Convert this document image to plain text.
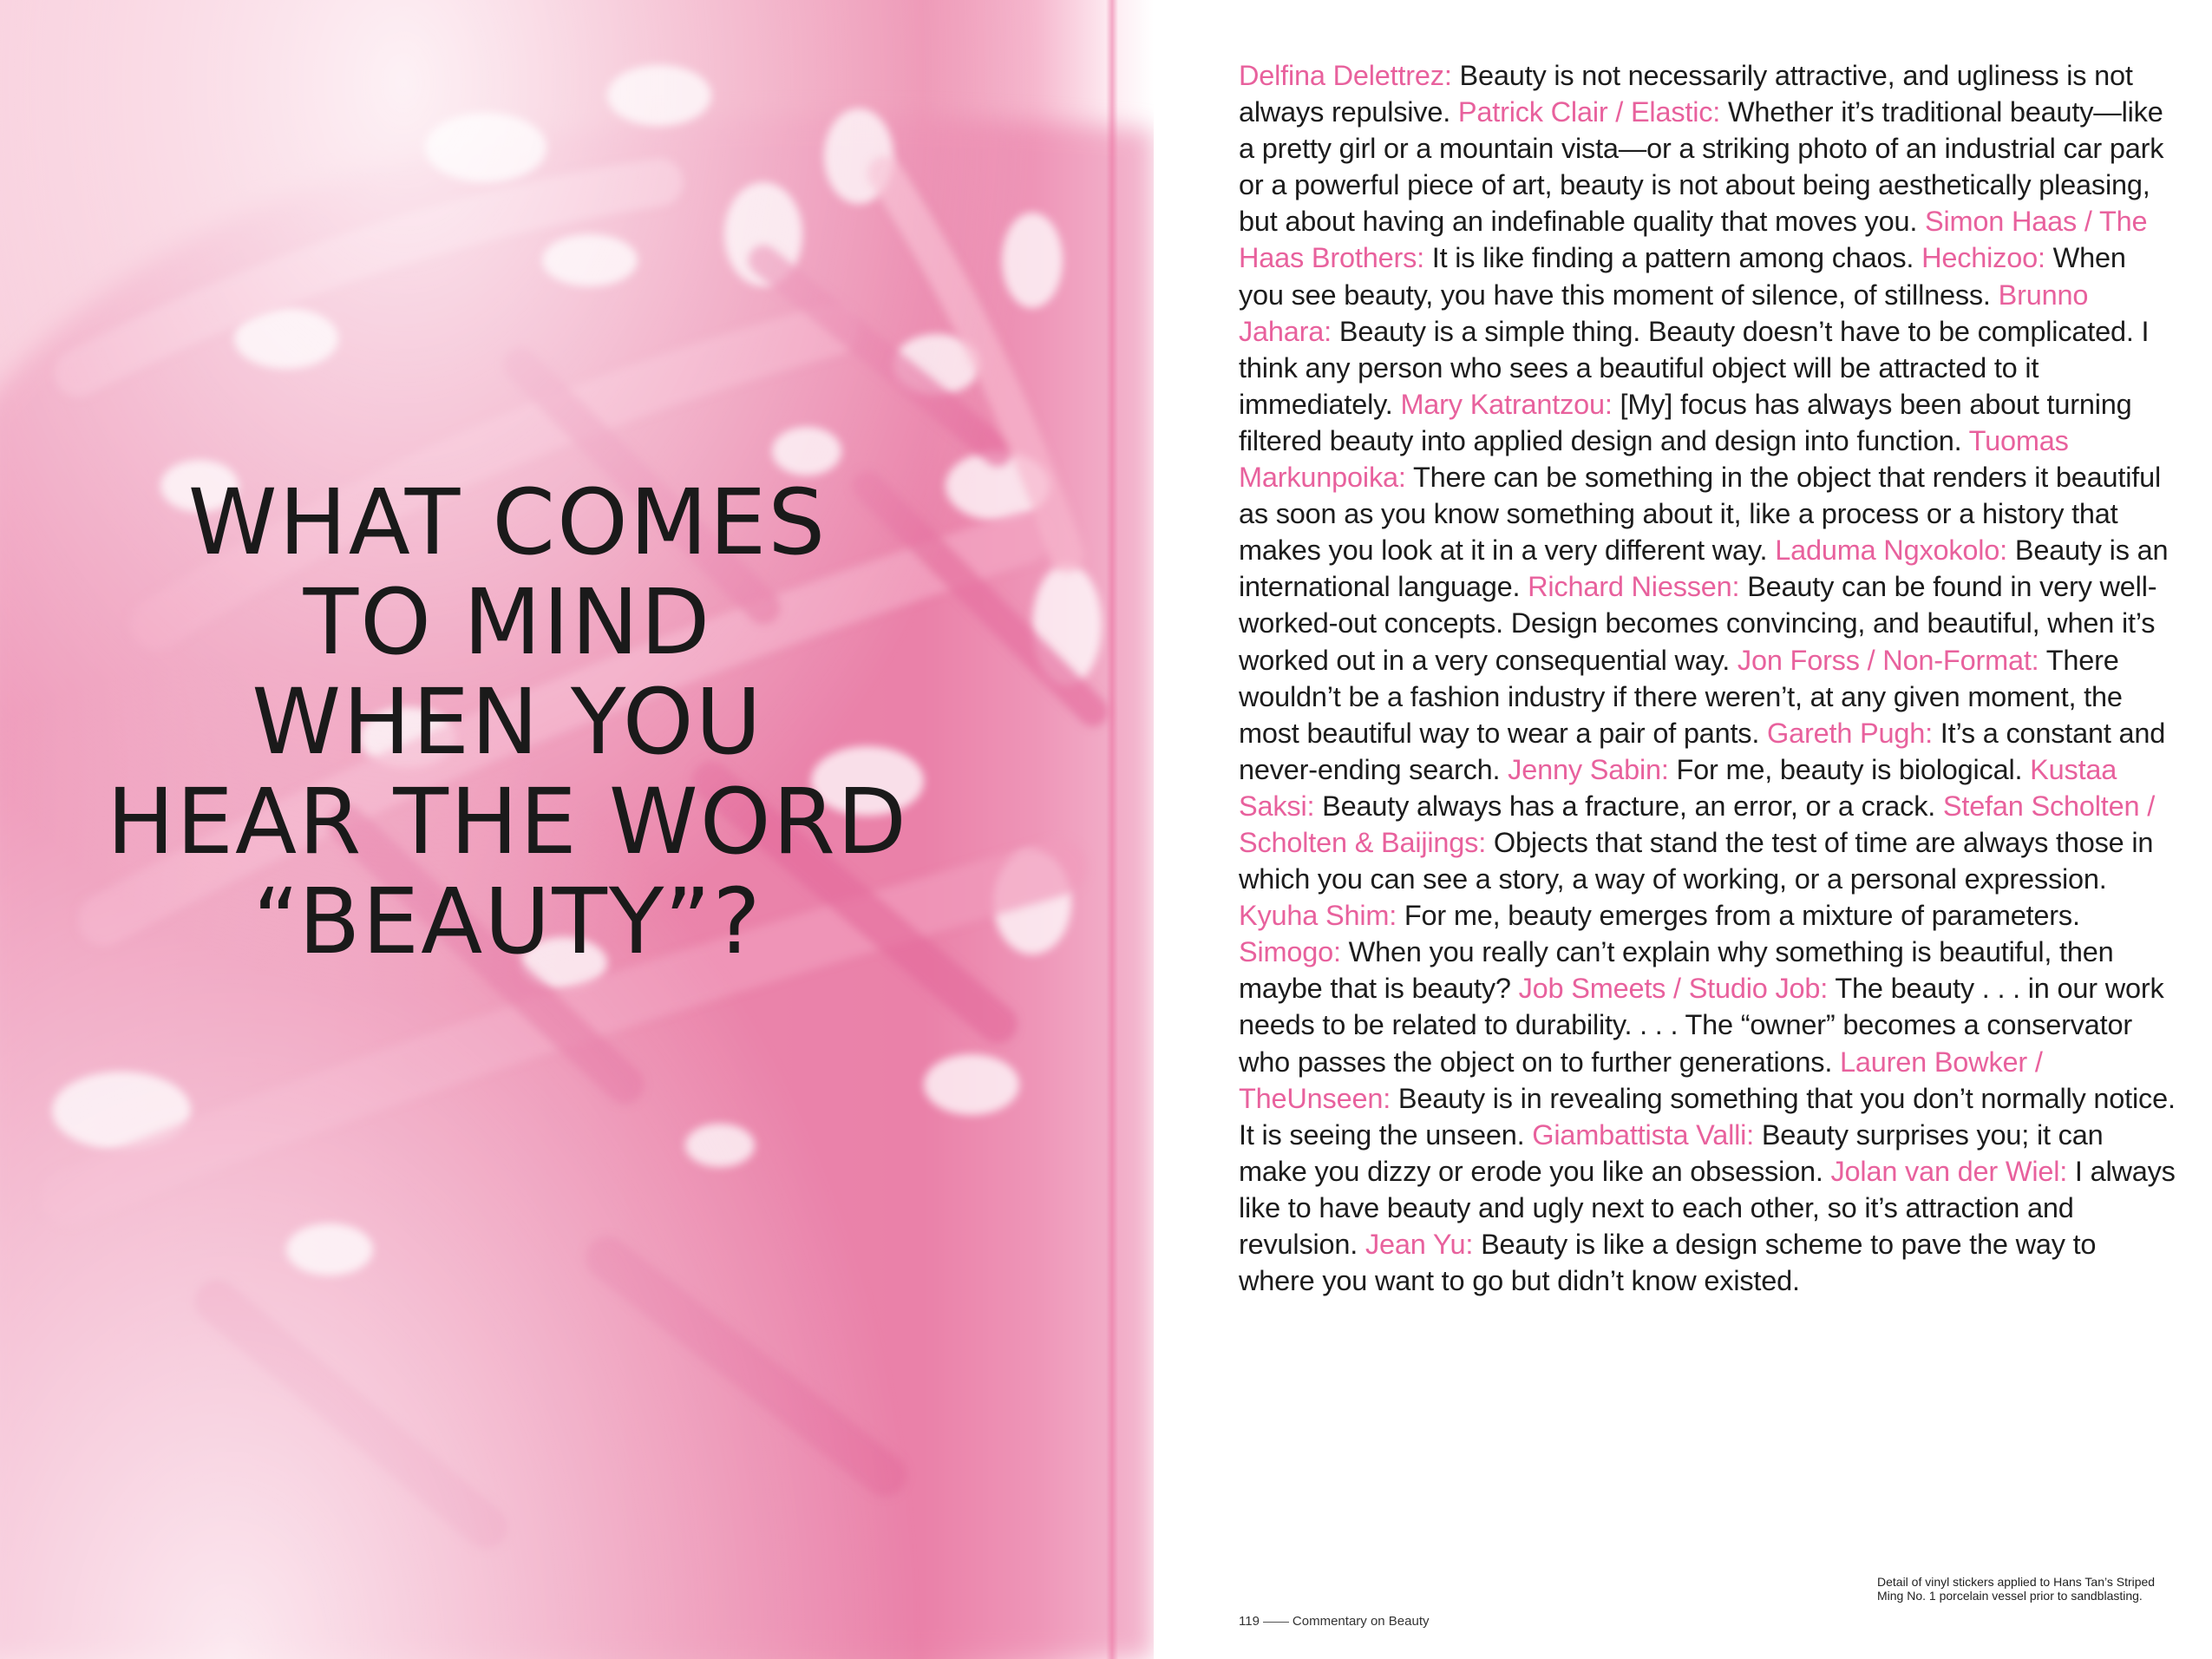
WHAT COMES
TO MIND
WHEN YOU
HEAR THE WORD
“BEAUTY”?

Delfina Delettrez: Beauty is not necessarily attractive, and ugliness is not always repulsive. Patrick Clair / Elastic: Whether it’s traditional beauty—like a pretty girl or a mountain vista—or a striking photo of an industrial car park or a powerful piece of art, beauty is not about being aesthetically pleasing, but about having an indefinable quality that moves you. Simon Haas / The Haas Brothers: It is like finding a pattern among chaos. Hechizoo: When you see beauty, you have this moment of silence, of stillness. Brunno Jahara: Beauty is a simple thing. Beauty doesn’t have to be complicated. I think any person who sees a beautiful object will be attracted to it immediately. Mary Katrantzou: [My] focus has always been about turning filtered beauty into applied design and design into function. Tuomas Markunpoika: There can be something in the object that renders it beautiful as soon as you know something about it, like a process or a history that makes you look at it in a very different way. Laduma Ngxokolo: Beauty is an international language. Richard Niessen: Beauty can be found in very well-worked-out concepts. Design becomes convincing, and beautiful, when it’s worked out in a very consequential way. Jon Forss / Non-Format: There wouldn’t be a fashion industry if there weren’t, at any given moment, the most beautiful way to wear a pair of pants. Gareth Pugh: It’s a constant and never-ending search. Jenny Sabin: For me, beauty is biological. Kustaa Saksi: Beauty always has a fracture, an error, or a crack. Stefan Scholten / Scholten & Baijings: Objects that stand the test of time are always those in which you can see a story, a way of working, or a personal expression. Kyuha Shim: For me, beauty emerges from a mixture of parameters. Simogo: When you really can’t explain why something is beautiful, then maybe that is beauty? Job Smeets / Studio Job: The beauty . . . in our work needs to be related to durability. . . . The “owner” becomes a conservator who passes the object on to further generations. Lauren Bowker / TheUnseen: Beauty is in revealing something that you don’t normally notice. It is seeing the unseen. Giambattista Valli: Beauty surprises you; it can make you dizzy or erode you like an obsession. Jolan van der Wiel: I always like to have beauty and ugly next to each other, so it’s attraction and revulsion. Jean Yu: Beauty is like a design scheme to pave the way to where you want to go but didn’t know existed.

119	Commentary on Beauty
Detail of vinyl stickers applied to Hans Tan’s Striped Ming No. 1 porcelain vessel prior to sandblasting.
